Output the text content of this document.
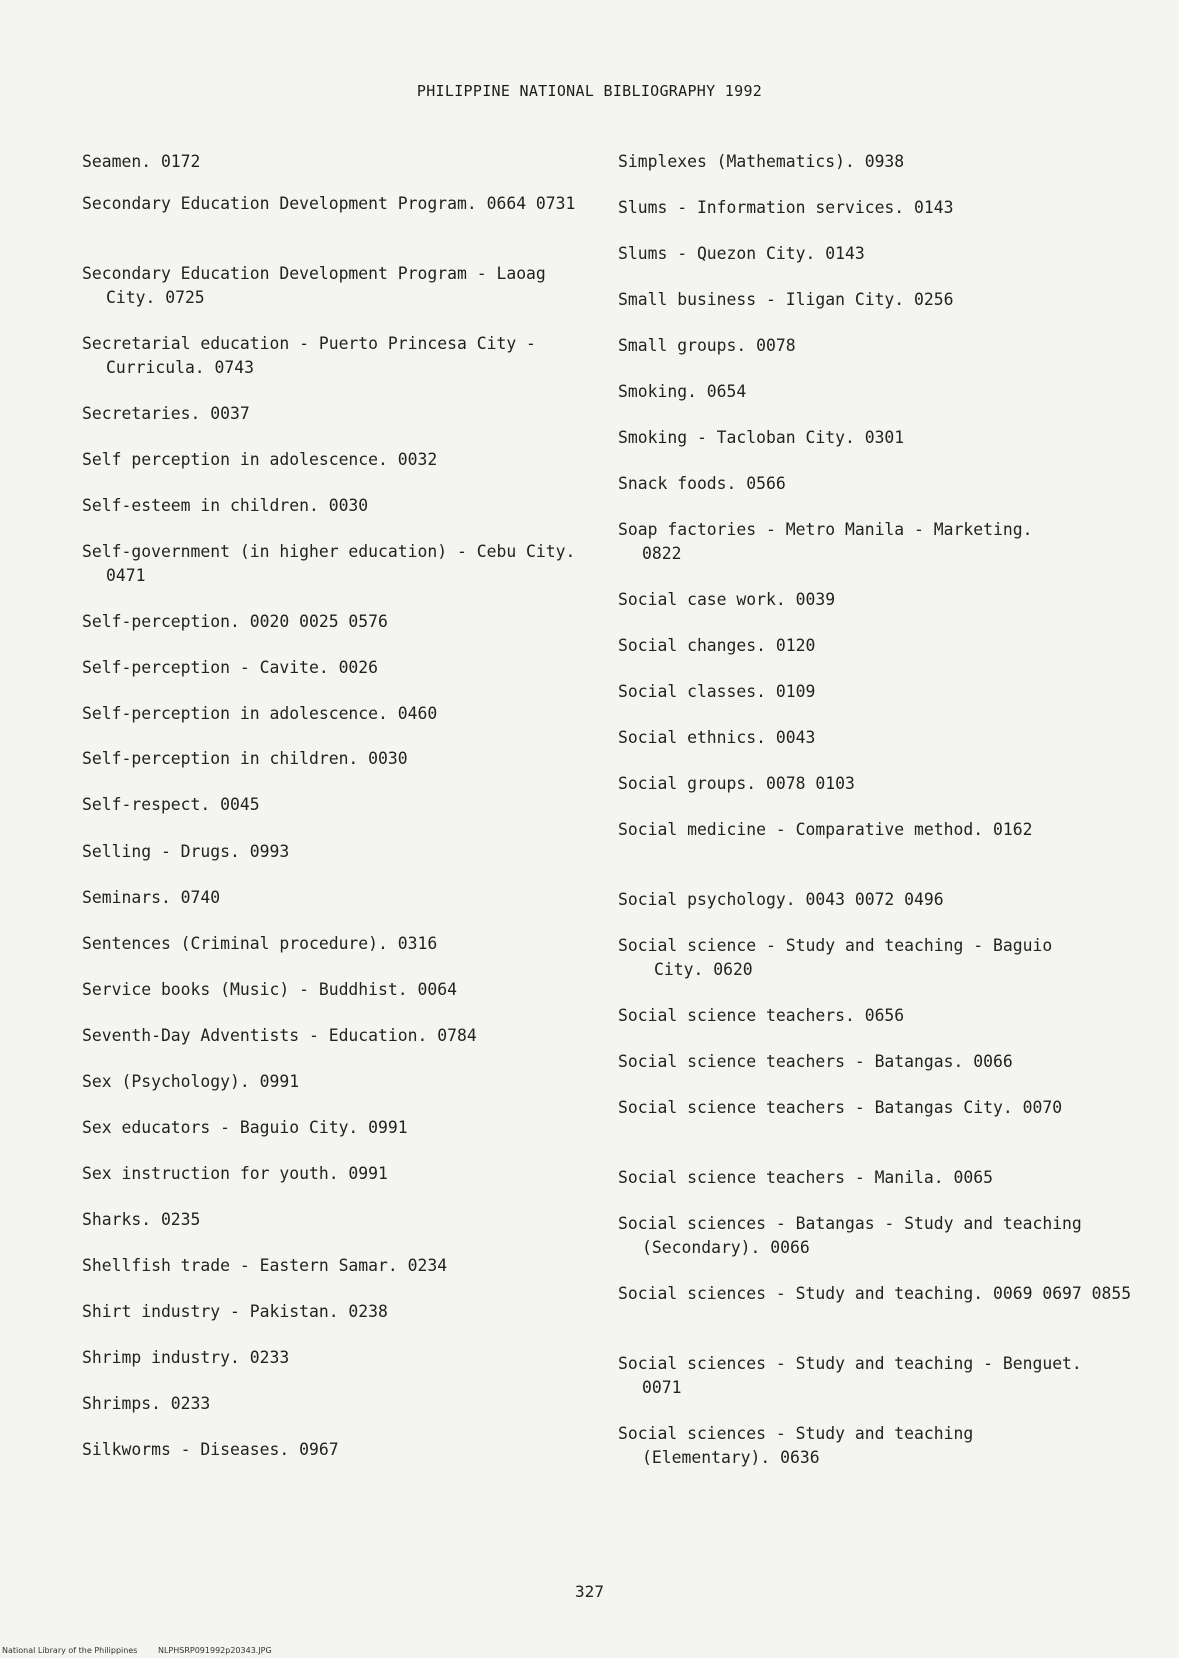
PHILIPPINE NATIONAL BIBLIOGRAPHY 1992

Seamen. 0172

Secondary Education Development Program. 0664 0731

Secondary Education Development Program - Laoag City. 0725

Secretarial education - Puerto Princesa City - Curricula. 0743

Secretaries. 0037

Self perception in adolescence. 0032

Self-esteem in children. 0030

Self-government (in higher education) - Cebu City. 0471

Self-perception. 0020 0025 0576

Self-perception - Cavite. 0026

Self-perception in adolescence. 0460

Self-perception in children. 0030

Self-respect. 0045

Selling - Drugs. 0993

Seminars. 0740

Sentences (Criminal procedure). 0316

Service books (Music) - Buddhist. 0064

Seventh-Day Adventists - Education. 0784

Sex (Psychology). 0991

Sex educators - Baguio City. 0991

Sex instruction for youth. 0991

Sharks. 0235

Shellfish trade - Eastern Samar. 0234

Shirt industry - Pakistan. 0238

Shrimp industry. 0233

Shrimps. 0233

Silkworms - Diseases. 0967

Simplexes (Mathematics). 0938

Slums - Information services. 0143

Slums - Quezon City. 0143

Small business - Iligan City. 0256

Small groups. 0078

Smoking. 0654

Smoking - Tacloban City. 0301

Snack foods. 0566

Soap factories - Metro Manila - Marketing. 0822

Social case work. 0039

Social changes. 0120

Social classes. 0109

Social ethnics. 0043

Social groups. 0078 0103

Social medicine - Comparative method. 0162

Social psychology. 0043 0072 0496

Social science - Study and teaching - Baguio City. 0620

Social science teachers. 0656

Social science teachers - Batangas. 0066

Social science teachers - Batangas City. 0070

Social science teachers - Manila. 0065

Social sciences - Batangas - Study and teaching (Secondary). 0066

Social sciences - Study and teaching. 0069 0697 0855

Social sciences - Study and teaching - Benguet. 0071

Social sciences - Study and teaching (Elementary). 0636

327
National Library of the Philippines	NLPHSRP091992p20343.JPG
